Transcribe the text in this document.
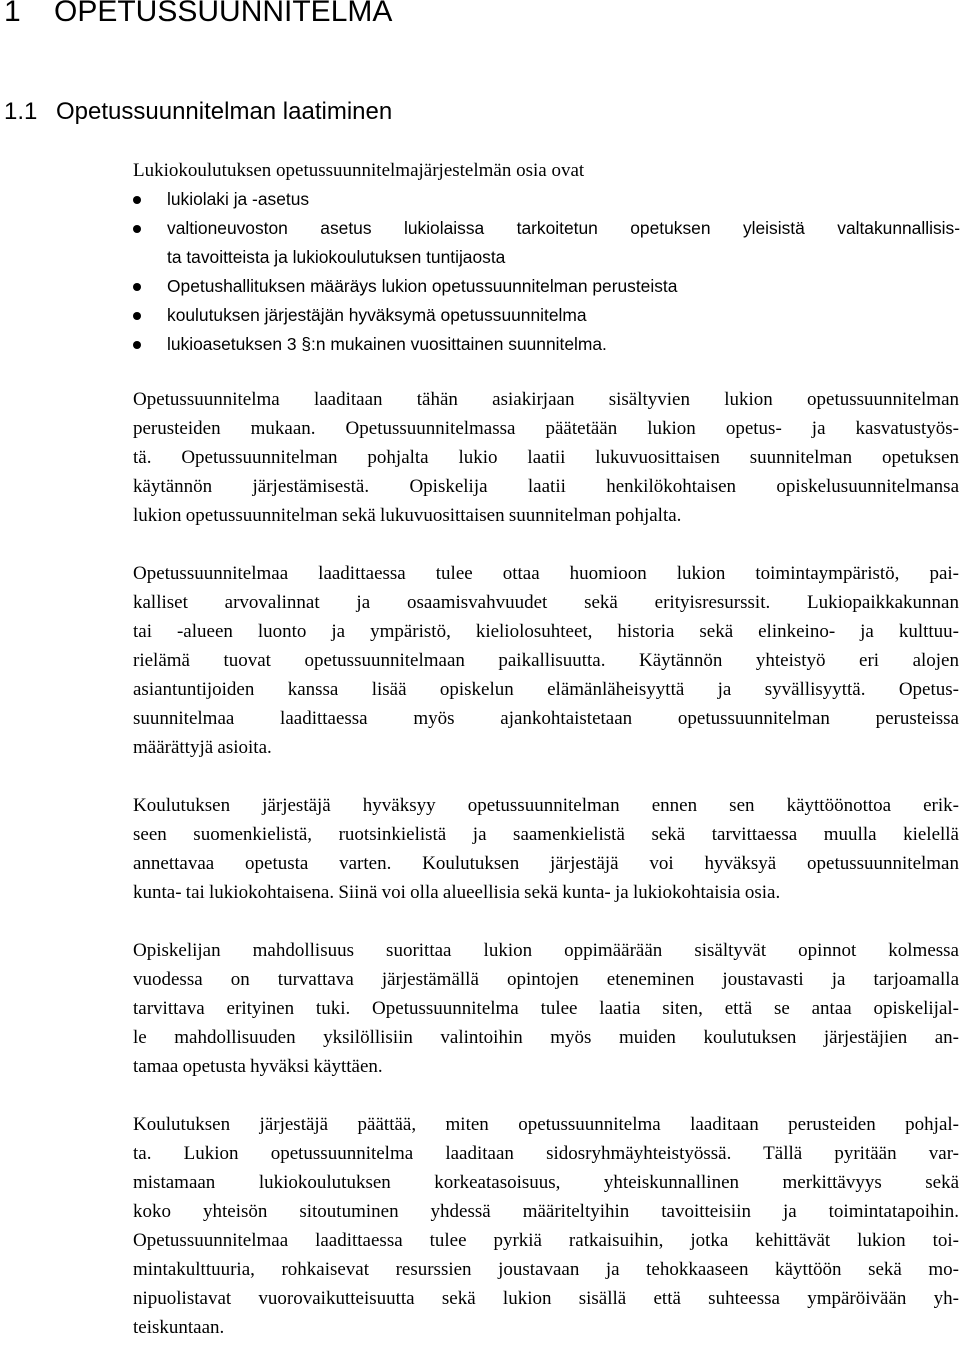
1 OPETUSSUUNNITELMA
1.1 Opetussuunnitelman laatiminen
Lukiokoulutuksen opetussuunnitelmajärjestelmän osia ovat
lukiolaki ja -asetus
valtioneuvoston asetus lukiolaissa tarkoitetun opetuksen yleisistä valtakunnallisis-
ta tavoitteista ja lukiokoulutuksen tuntijaosta
Opetushallituksen määräys lukion opetussuunnitelman perusteista
koulutuksen järjestäjän hyväksymä opetussuunnitelma
lukioasetuksen 3 §:n mukainen vuosittainen suunnitelma.

Opetussuunnitelma laaditaan tähän asiakirjaan sisältyvien lukion opetussuunnitelman
perusteiden mukaan. Opetussuunnitelmassa päätetään lukion opetus- ja kasvatustyös-
tä. Opetussuunnitelman pohjalta lukio laatii lukuvuosittaisen suunnitelman opetuksen
käytännön järjestämisestä. Opiskelija laatii henkilökohtaisen opiskelusuunnitelmansa
lukion opetussuunnitelman sekä lukuvuosittaisen suunnitelman pohjalta.

Opetussuunnitelmaa laadittaessa tulee ottaa huomioon lukion toimintaympäristö, pai-
kalliset arvovalinnat ja osaamisvahvuudet sekä erityisresurssit. Lukiopaikkakunnan
tai -alueen luonto ja ympäristö, kieliolosuhteet, historia sekä elinkeino- ja kulttuu-
rielämä tuovat opetussuunnitelmaan paikallisuutta. Käytännön yhteistyö eri alojen
asiantuntijoiden kanssa lisää opiskelun elämänläheisyyttä ja syvällisyyttä. Opetus-
suunnitelmaa laadittaessa myös ajankohtaistetaan opetussuunnitelman perusteissa
määrättyjä asioita.

Koulutuksen järjestäjä hyväksyy opetussuunnitelman ennen sen käyttöönottoa erik-
seen suomenkielistä, ruotsinkielistä ja saamenkielistä sekä tarvittaessa muulla kielellä
annettavaa opetusta varten. Koulutuksen järjestäjä voi hyväksyä opetussuunnitelman
kunta- tai lukiokohtaisena. Siinä voi olla alueellisia sekä kunta- ja lukiokohtaisia osia.

Opiskelijan mahdollisuus suorittaa lukion oppimäärään sisältyvät opinnot kolmessa
vuodessa on turvattava järjestämällä opintojen eteneminen joustavasti ja tarjoamalla
tarvittava erityinen tuki. Opetussuunnitelma tulee laatia siten, että se antaa opiskelijal-
le mahdollisuuden yksilöllisiin valintoihin myös muiden koulutuksen järjestäjien an-
tamaa opetusta hyväksi käyttäen.

Koulutuksen järjestäjä päättää, miten opetussuunnitelma laaditaan perusteiden pohjal-
ta. Lukion opetussuunnitelma laaditaan sidosryhmäyhteistyössä. Tällä pyritään var-
mistamaan lukiokoulutuksen korkeatasoisuus, yhteiskunnallinen merkittävyys sekä
koko yhteisön sitoutuminen yhdessä määriteltyihin tavoitteisiin ja toimintatapoihin.
Opetussuunnitelmaa laadittaessa tulee pyrkiä ratkaisuihin, jotka kehittävät lukion toi-
mintakulttuuria, rohkaisevat resurssien joustavaan ja tehokkaaseen käyttöön sekä mo-
nipuolistavat vuorovaikutteisuutta sekä lukion sisällä että suhteessa ympäröivään yh-
teiskuntaan.
